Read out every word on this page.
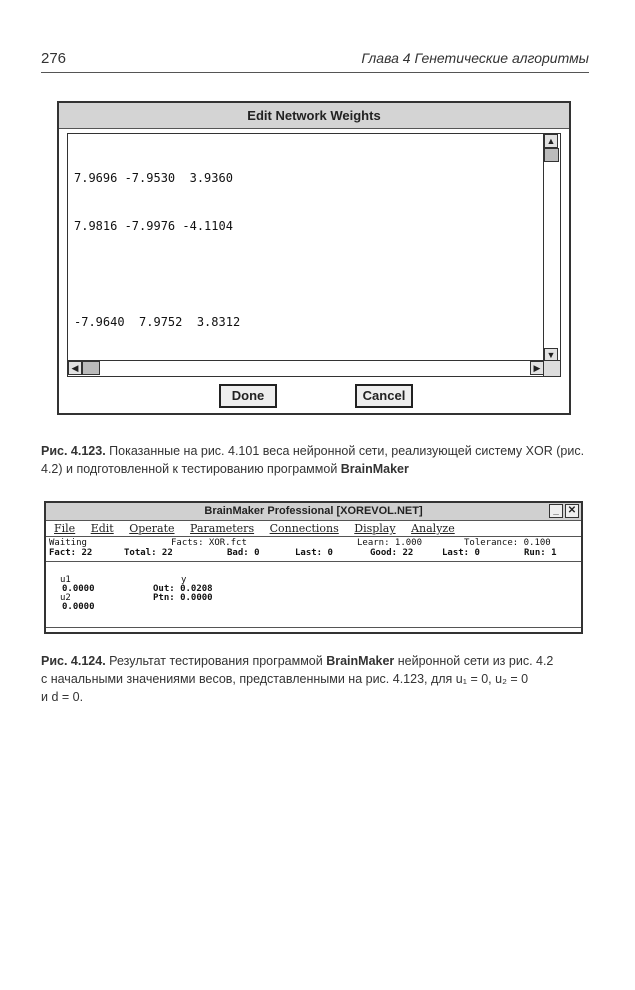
276	Глава 4 Генетические алгоритмы
Edit Network Weights

7.9696 -7.9530  3.9360

7.9816 -7.9976 -4.1104

-7.9640  7.9752  3.8312

▲
▼
◀	▶
Done	Cancel
Рис. 4.123. Показанные на рис. 4.101 веса нейронной сети, реализующей систему XOR (рис. 4.2) и подготовленной к тестированию программой BrainMaker
BrainMaker Professional [XOREVOL.NET]	_ ✕
File Edit Operate Parameters Connections Display Analyze
Waiting	Facts: XOR.fct	Learn: 1.000	Tolerance: 0.100
Fact: 22	Total: 22	Bad: 0	Last: 0	Good: 22	Last: 0	Run: 1
u1
0.0000
u2
0.0000
y
Out: 0.0208
Ptn: 0.0000
Рис. 4.124. Результат тестирования программой BrainMaker нейронной сети из рис. 4.2
с начальными значениями весов, представленными на рис. 4.123, для u₁ = 0, u₂ = 0
и d = 0.
